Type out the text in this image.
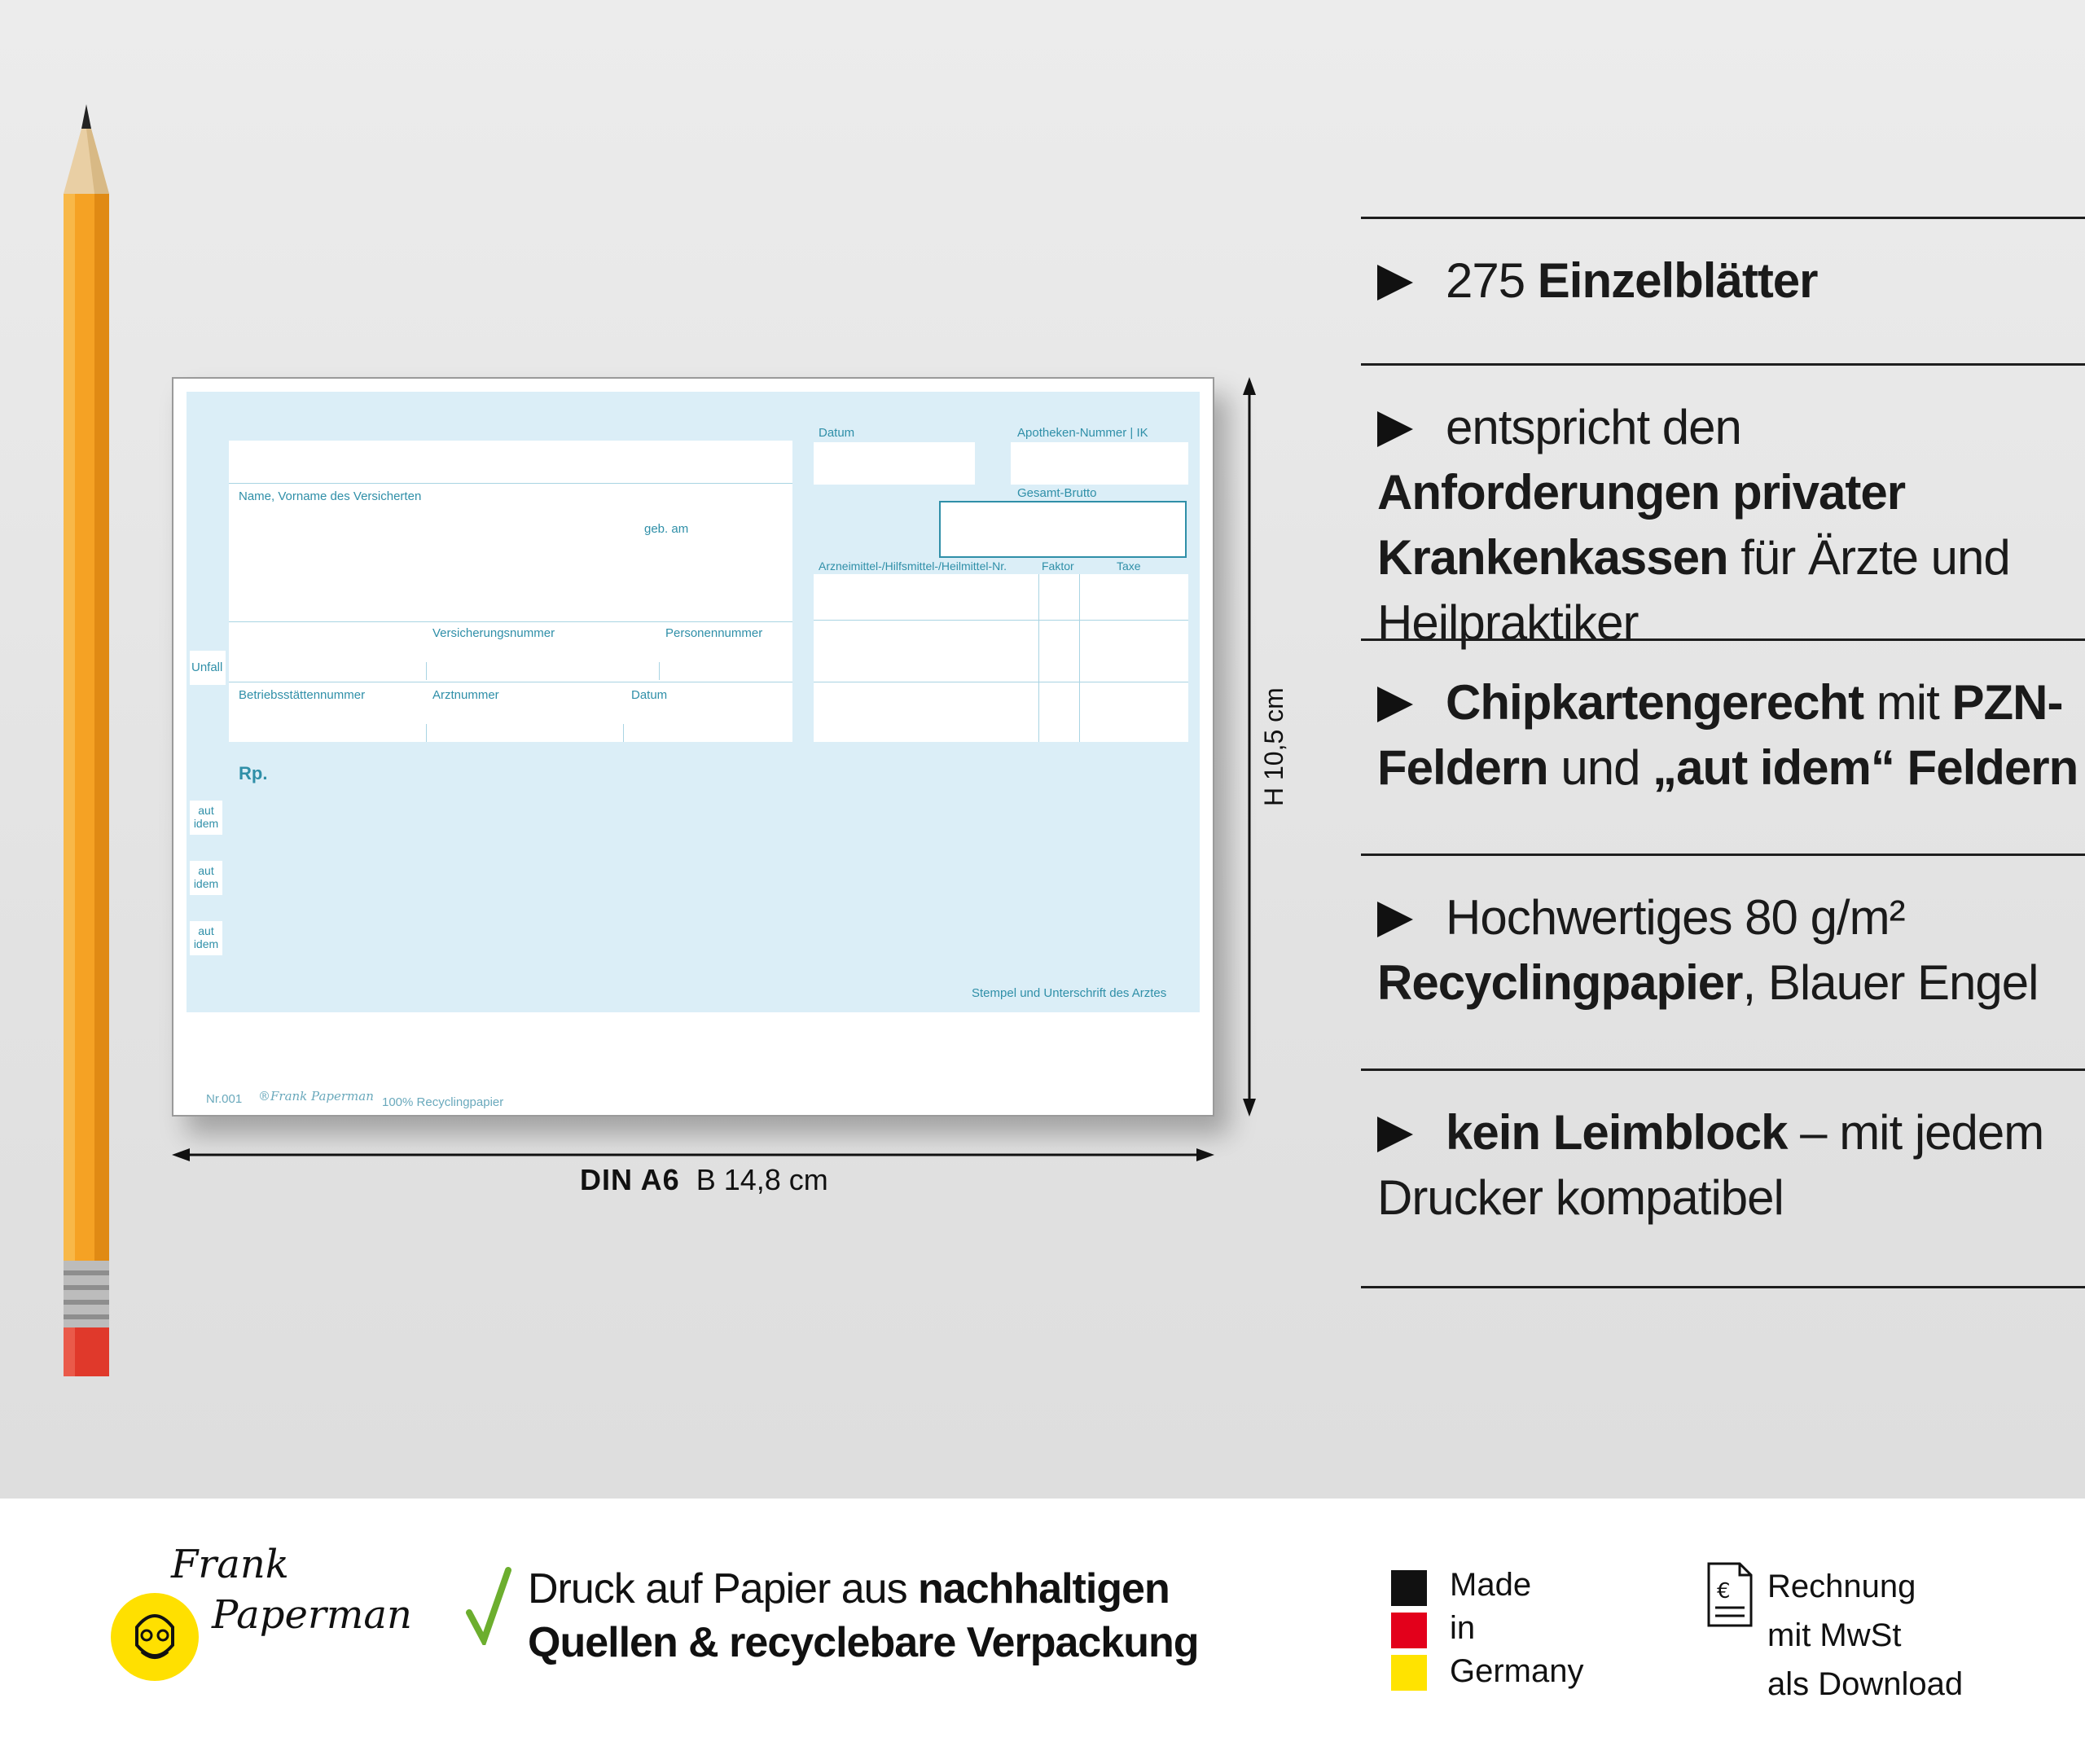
Datum	Apotheken-Nummer | IK
Name, Vorname des Versicherten
geb. am
Versicherungsnummer	Personennummer
Betriebsstättennummer	Arztnummer	Datum
Unfall
Gesamt-Brutto
Arzneimittel-/Hilfsmittel-/Heilmittel-Nr.	Faktor	Taxe
Rp.
aut
idem
aut
idem
aut
idem
Stempel und Unterschrift des Arztes
Nr.001 ®Frank Paperman 100% Recyclingpapier
DIN A6 B 14,8 cm
H 10,5 cm
275 Einzelblätter
entspricht den Anforderungen privater Krankenkassen für Ärzte und Heilpraktiker
Chipkartengerecht mit PZN-Feldern und „aut idem“ Feldern
Hochwertiges 80 g/m² Recyclingpapier, Blauer Engel
kein Leimblock – mit jedem Drucker kompatibel
Frank
Paperman
Druck auf Papier aus nachhaltigen
Quellen & recyclebare Verpackung
Made
in
Germany
€ Rechnung
mit MwSt
als Download
